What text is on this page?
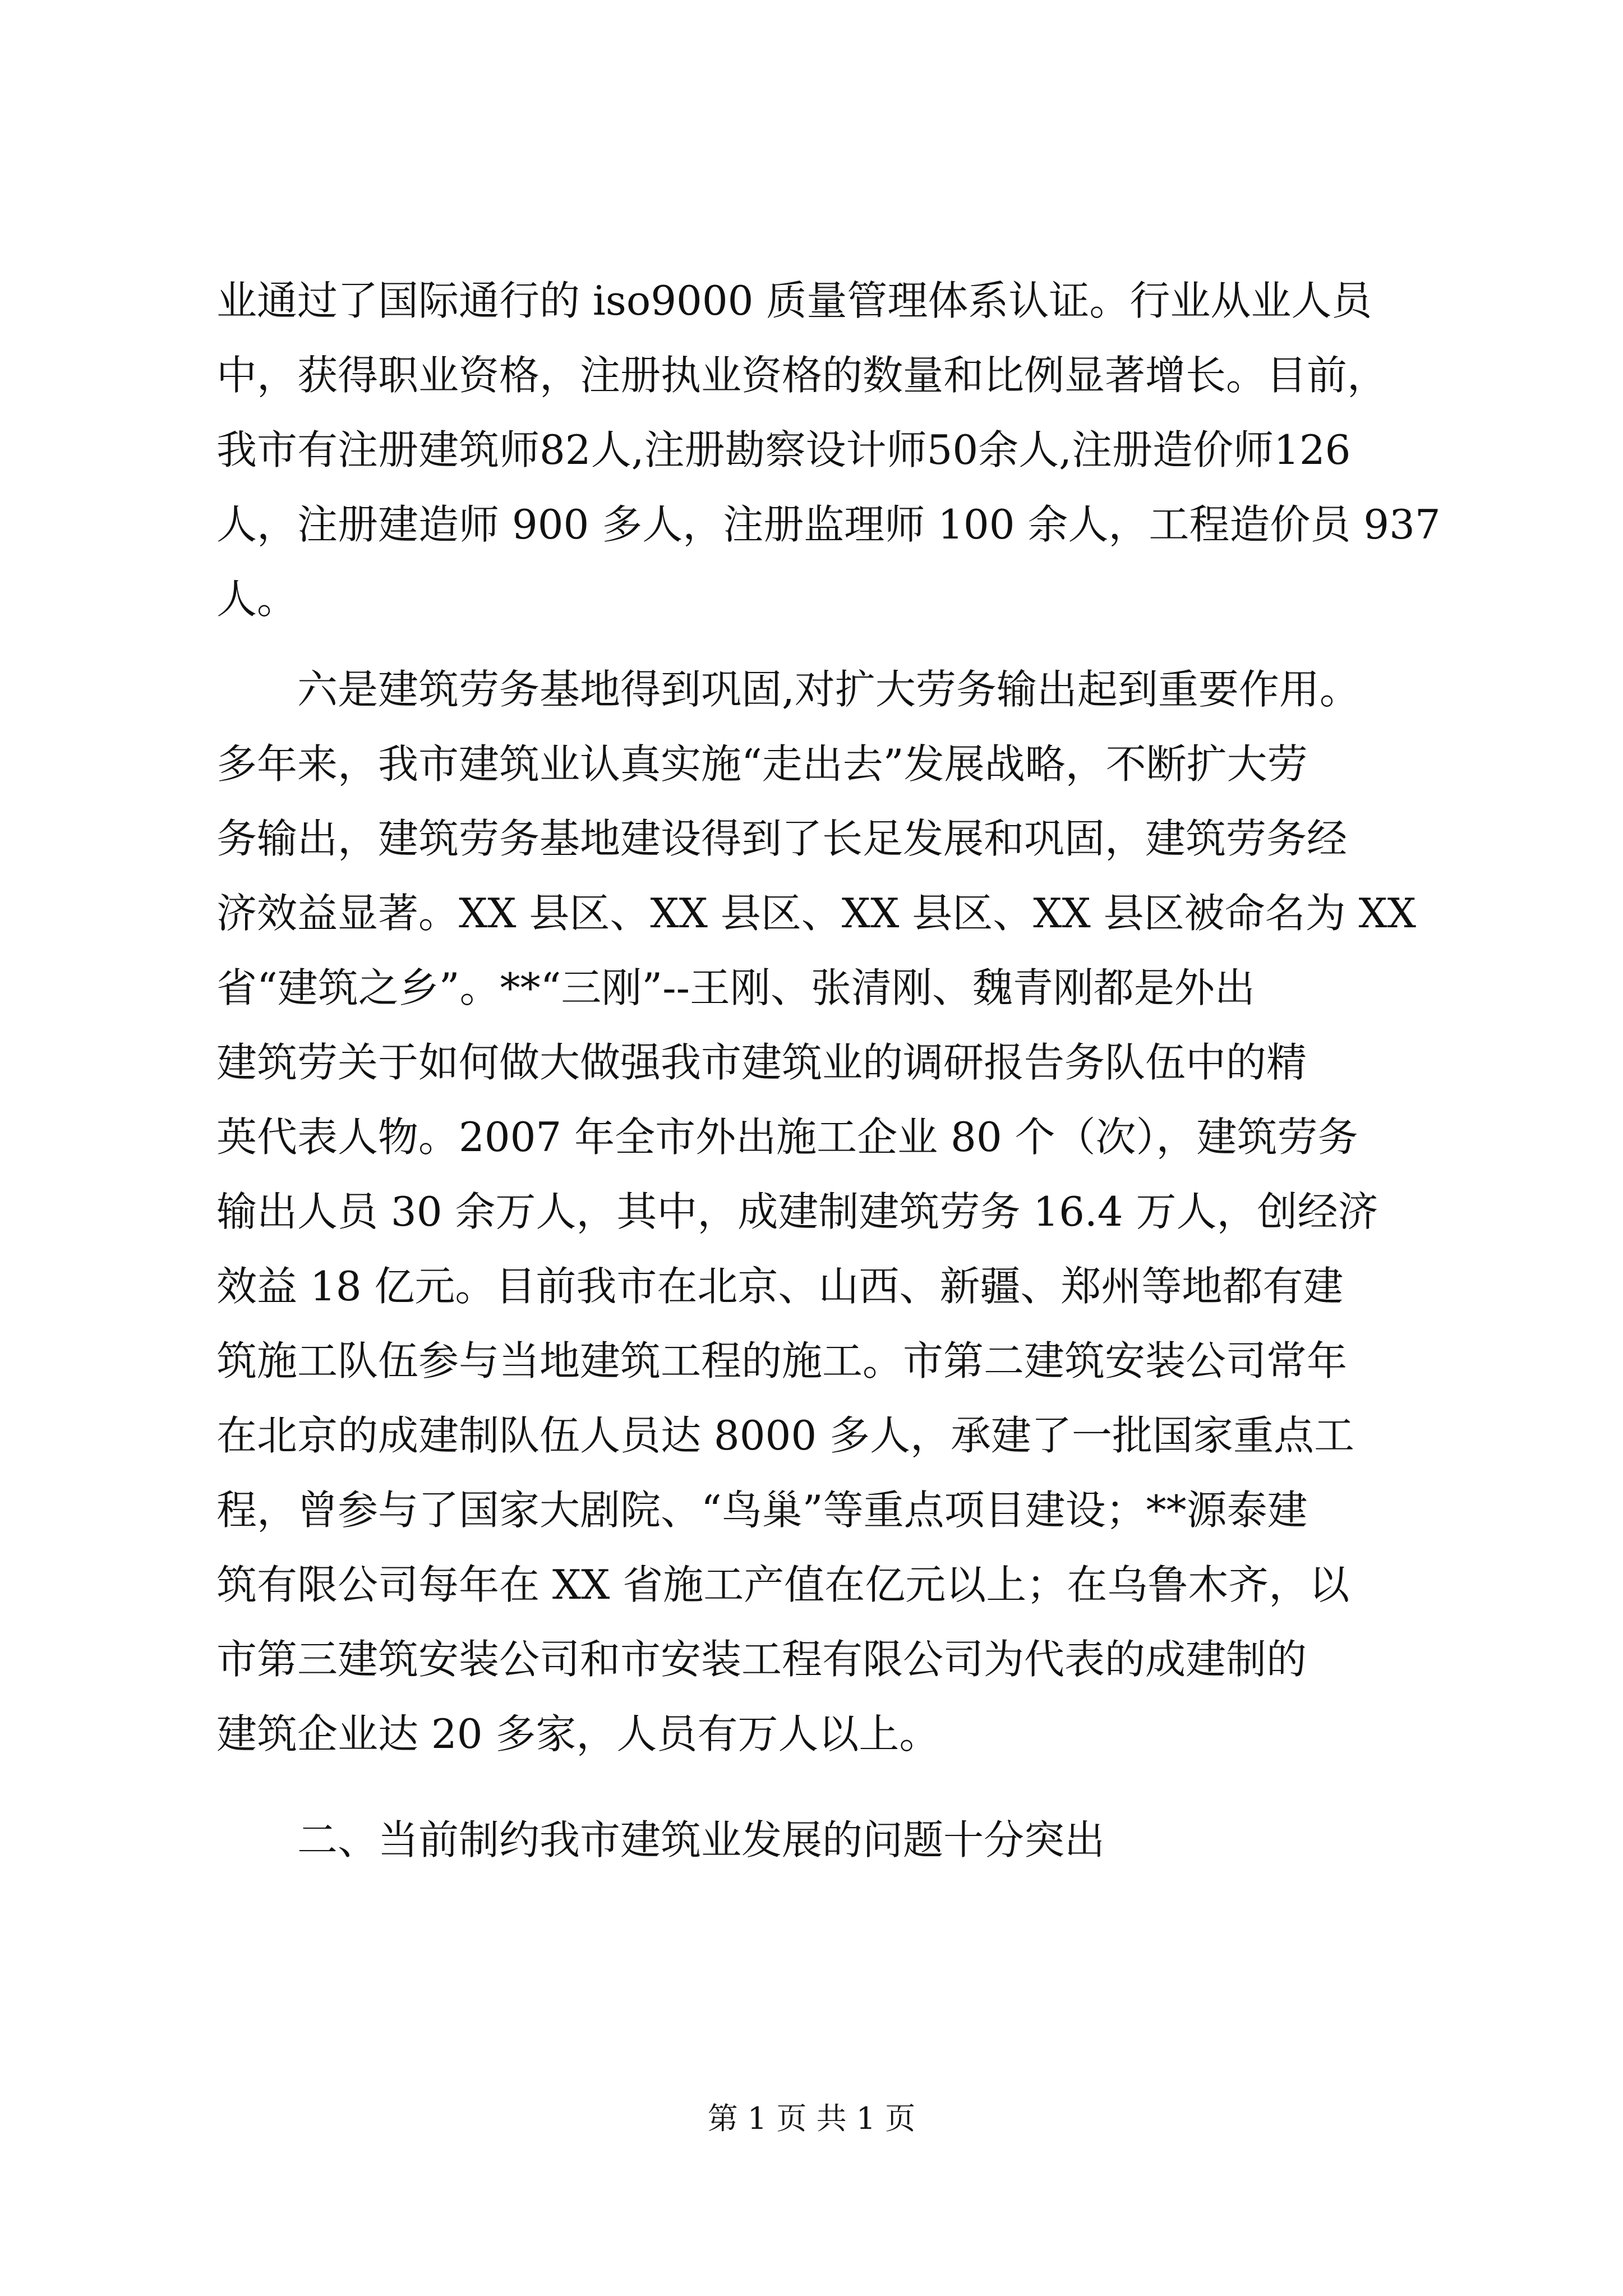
业通过了国际通行的 iso9000 质量管理体系认证。行业从业人员
中，获得职业资格，注册执业资格的数量和比例显著增长。目前，
我市有注册建筑师82人,注册勘察设计师50余人,注册造价师126
人，注册建造师 900 多人，注册监理师 100 余人，工程造价员 937
人。
　　六是建筑劳务基地得到巩固,对扩大劳务输出起到重要作用。
多年来，我市建筑业认真实施“走出去”发展战略，不断扩大劳
务输出，建筑劳务基地建设得到了长足发展和巩固，建筑劳务经
济效益显著。XX 县区、XX 县区、XX 县区、XX 县区被命名为 XX
省“建筑之乡”。**“三刚”--王刚、张清刚、魏青刚都是外出
建筑劳关于如何做大做强我市建筑业的调研报告务队伍中的精
英代表人物。2007 年全市外出施工企业 80 个（次），建筑劳务
输出人员 30 余万人，其中，成建制建筑劳务 16.4 万人，创经济
效益 18 亿元。目前我市在北京、山西、新疆、郑州等地都有建
筑施工队伍参与当地建筑工程的施工。市第二建筑安装公司常年
在北京的成建制队伍人员达 8000 多人，承建了一批国家重点工
程，曾参与了国家大剧院、“鸟巢”等重点项目建设；**源泰建
筑有限公司每年在 XX 省施工产值在亿元以上；在乌鲁木齐，以
市第三建筑安装公司和市安装工程有限公司为代表的成建制的
建筑企业达 20 多家，人员有万人以上。
　　二、当前制约我市建筑业发展的问题十分突出
第 1 页 共 1 页
